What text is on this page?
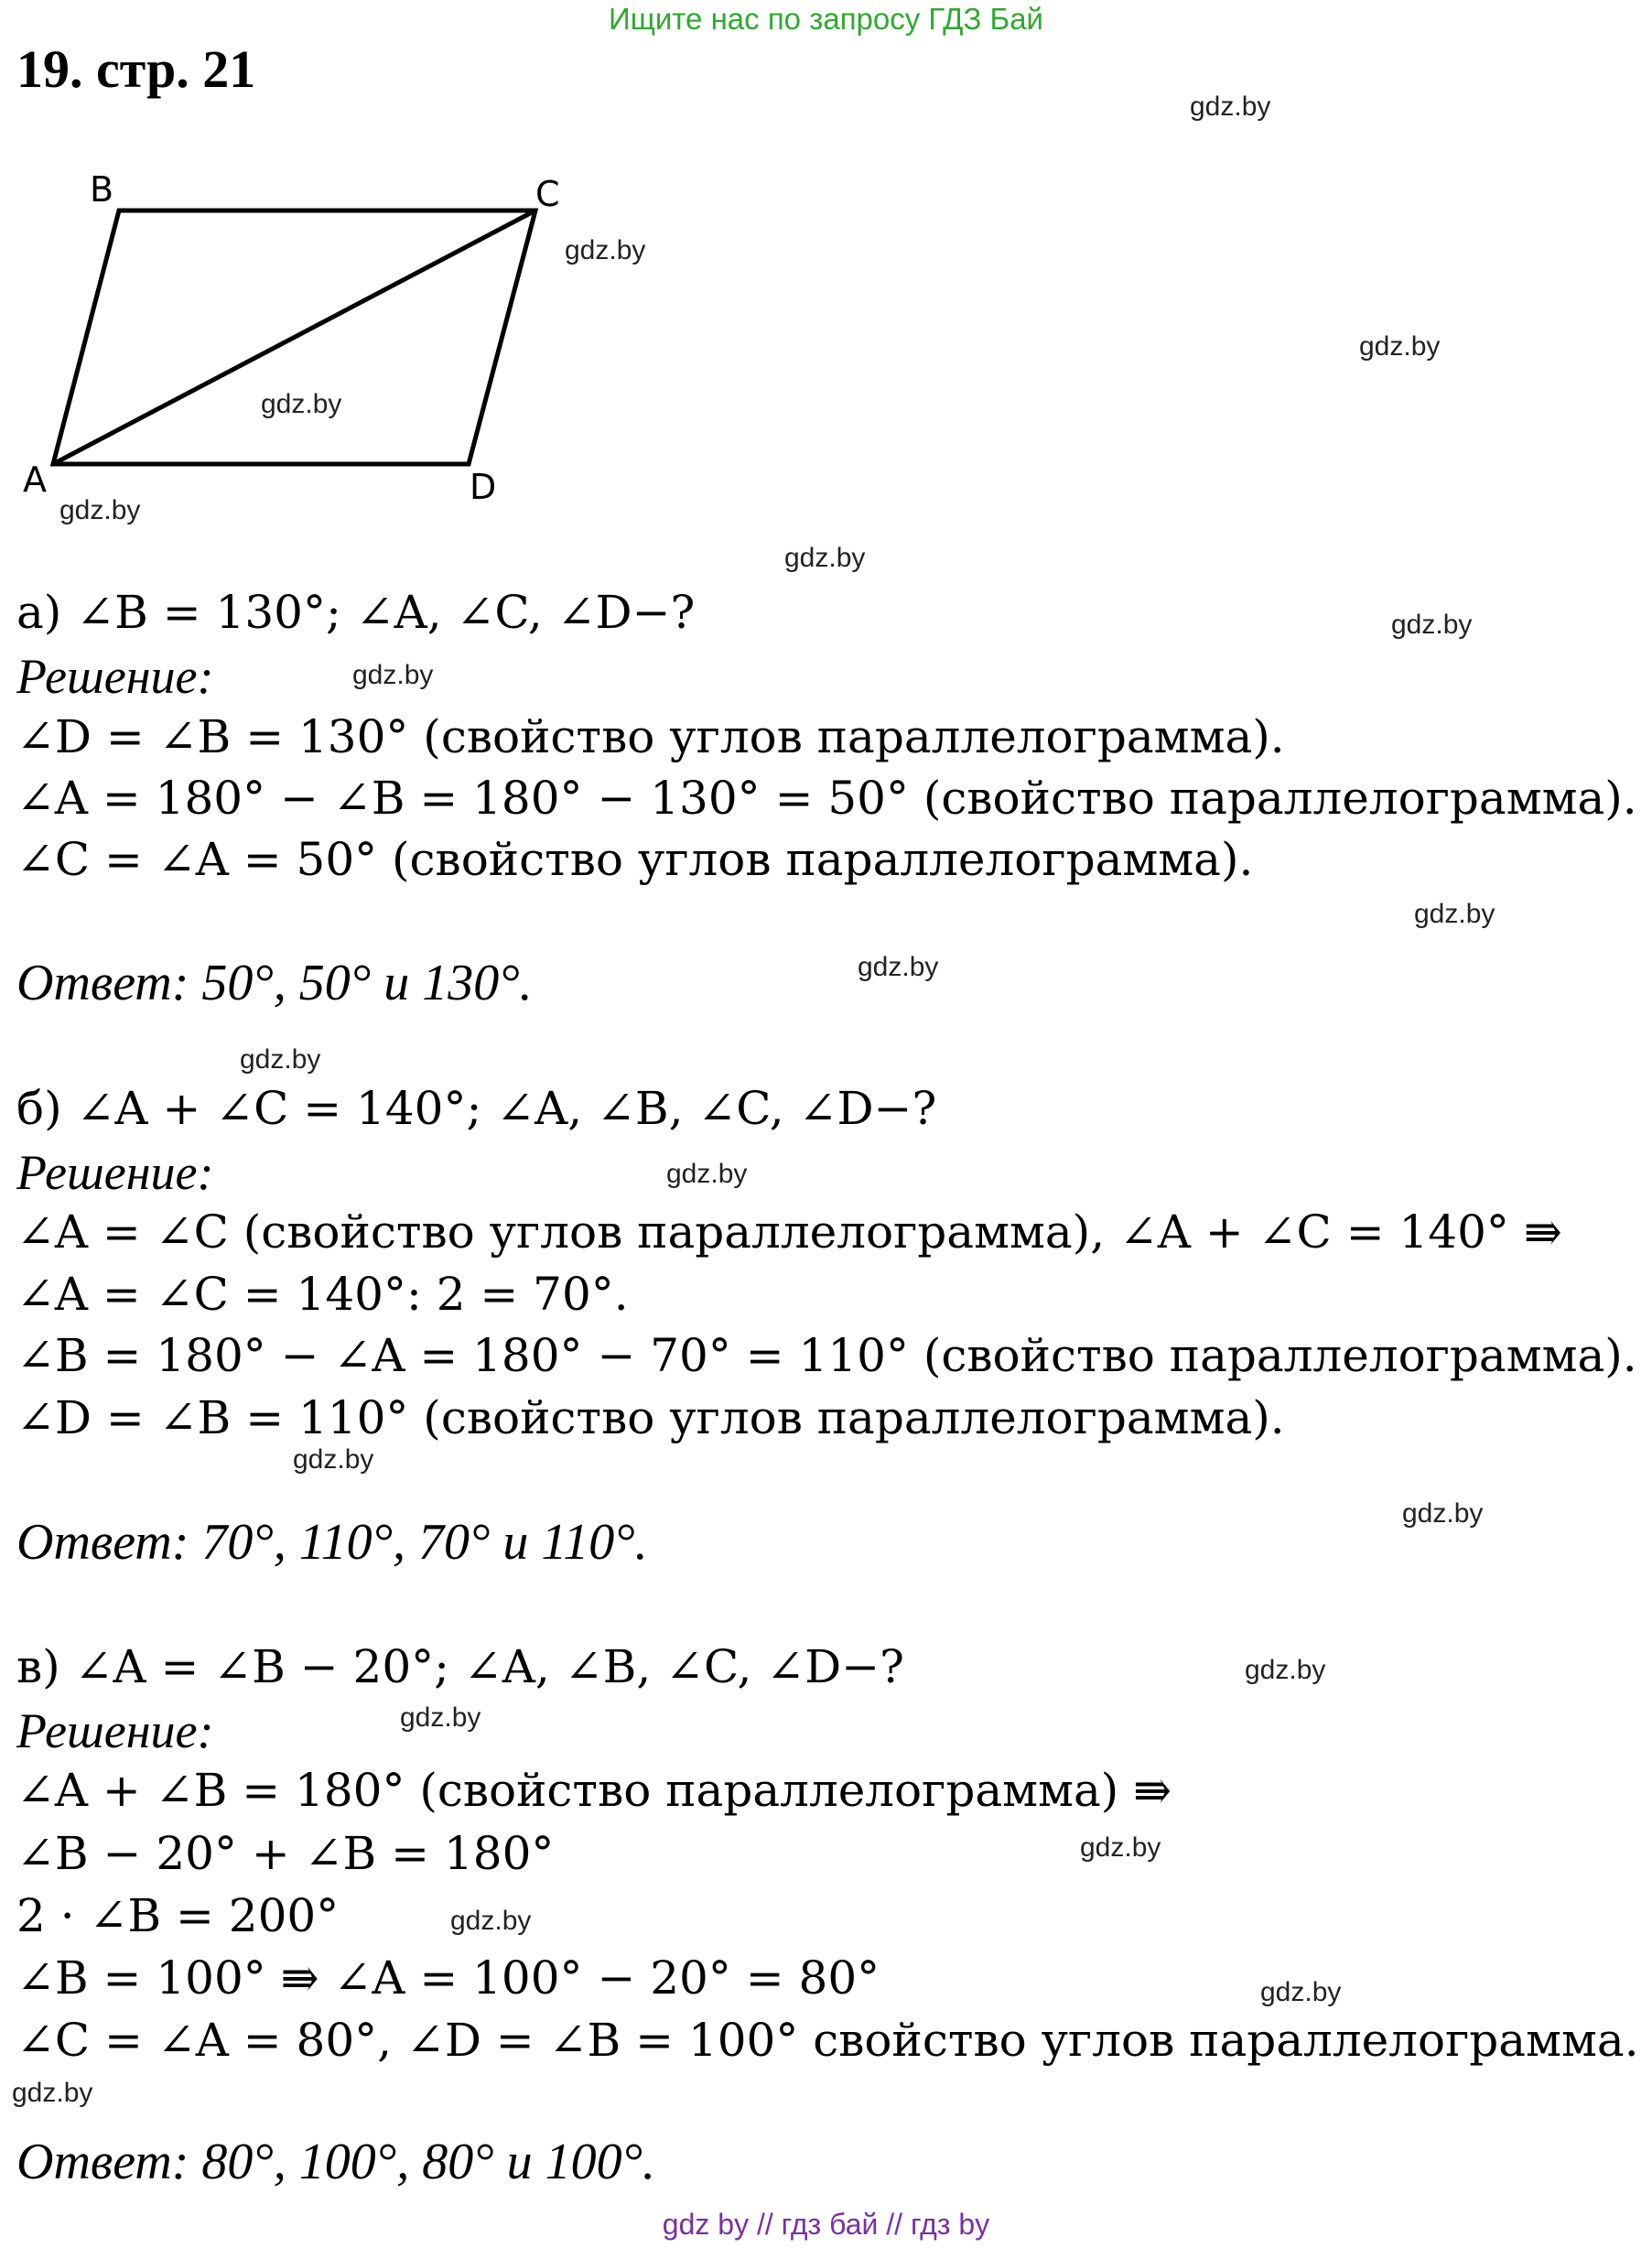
Ищите нас по запросу ГДЗ Бай
19. стр. 21
B	C
A	D
gdz.by
gdz.by
gdz.by
gdz.by
gdz.by
gdz.by
gdz.by
gdz.by
gdz.by
gdz.by
gdz.by
gdz.by
gdz.by
gdz.by
gdz.by
gdz.by
gdz.by
gdz.by
gdz.by
gdz.by
а) ∠B = 130°; ∠A, ∠C, ∠D−?
Решение:
∠D = ∠B = 130° (свойство углов параллелограмма).
∠A = 180° − ∠B = 180° − 130° = 50° (свойство параллелограмма).
∠C = ∠A = 50° (свойство углов параллелограмма).
Ответ: 50°, 50° и 130°.
б) ∠A + ∠C = 140°; ∠A, ∠B, ∠C, ∠D−?
Решение:
∠A = ∠C (свойство углов параллелограмма), ∠A + ∠C = 140° ⇛
∠A = ∠C = 140°: 2 = 70°.
∠B = 180° − ∠A = 180° − 70° = 110° (свойство параллелограмма).
∠D = ∠B = 110° (свойство углов параллелограмма).
Ответ: 70°, 110°, 70° и 110°.
в) ∠A = ∠B − 20°; ∠A, ∠B, ∠C, ∠D−?
Решение:
∠A + ∠B = 180° (свойство параллелограмма) ⇛
∠B − 20° + ∠B = 180°
2 · ∠B = 200°
∠B = 100° ⇛ ∠A = 100° − 20° = 80°
∠C = ∠A = 80°, ∠D = ∠B = 100° свойство углов параллелограмма.
Ответ: 80°, 100°, 80° и 100°.
gdz by // гдз бай // гдз by
